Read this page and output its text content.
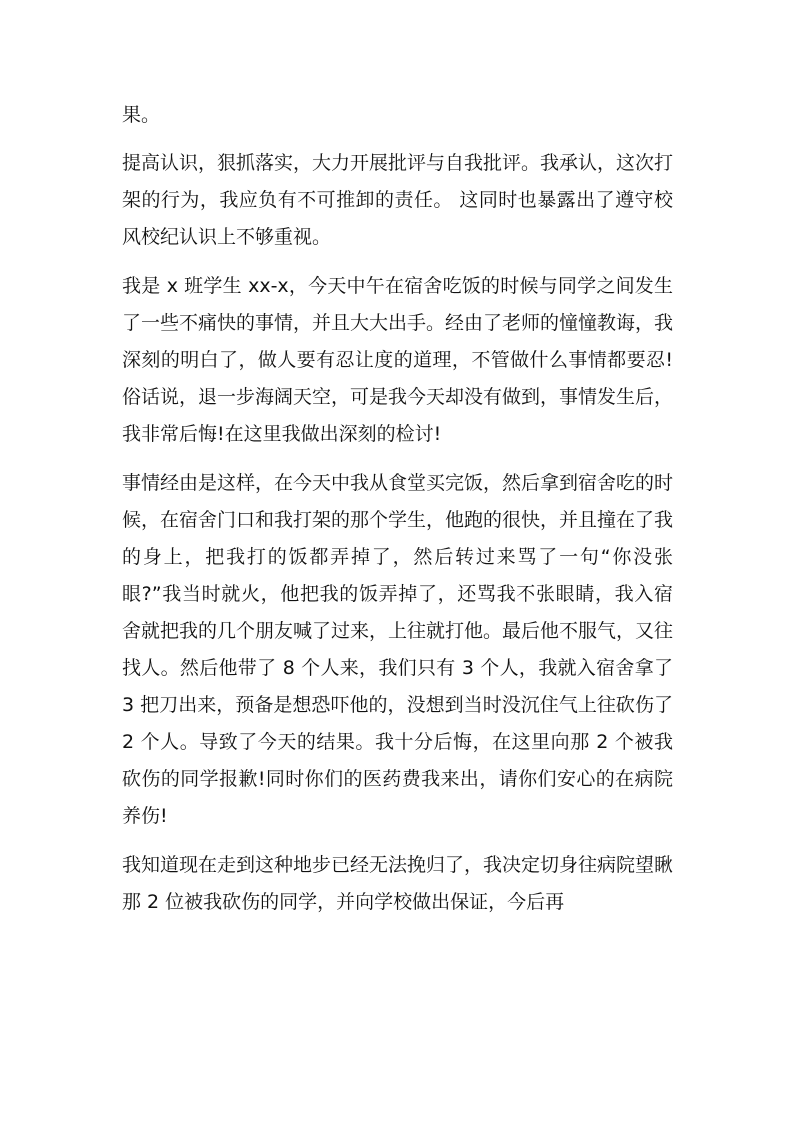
果。

提高认识，狠抓落实，大力开展批评与自我批评。我承认，这次打架的行为，我应负有不可推卸的责任。 这同时也暴露出了遵守校风校纪认识上不够重视。

我是 x 班学生 xx-x，今天中午在宿舍吃饭的时候与同学之间发生了一些不痛快的事情，并且大大出手。经由了老师的憧憧教诲，我深刻的明白了，做人要有忍让度的道理，不管做什么事情都要忍!俗话说，退一步海阔天空，可是我今天却没有做到，事情发生后，我非常后悔!在这里我做出深刻的检讨!

事情经由是这样，在今天中我从食堂买完饭，然后拿到宿舍吃的时候，在宿舍门口和我打架的那个学生，他跑的很快，并且撞在了我的身上，把我打的饭都弄掉了，然后转过来骂了一句“你没张眼?”我当时就火，他把我的饭弄掉了，还骂我不张眼睛，我入宿舍就把我的几个朋友喊了过来，上往就打他。最后他不服气，又往找人。然后他带了 8 个人来，我们只有 3 个人，我就入宿舍拿了 3 把刀出来，预备是想恐吓他的，没想到当时没沉住气上往砍伤了 2 个人。导致了今天的结果。我十分后悔，在这里向那 2 个被我砍伤的同学报歉!同时你们的医药费我来出，请你们安心的在病院养伤!

我知道现在走到这种地步已经无法挽归了，我决定切身往病院望瞅那 2 位被我砍伤的同学，并向学校做出保证，今后再
